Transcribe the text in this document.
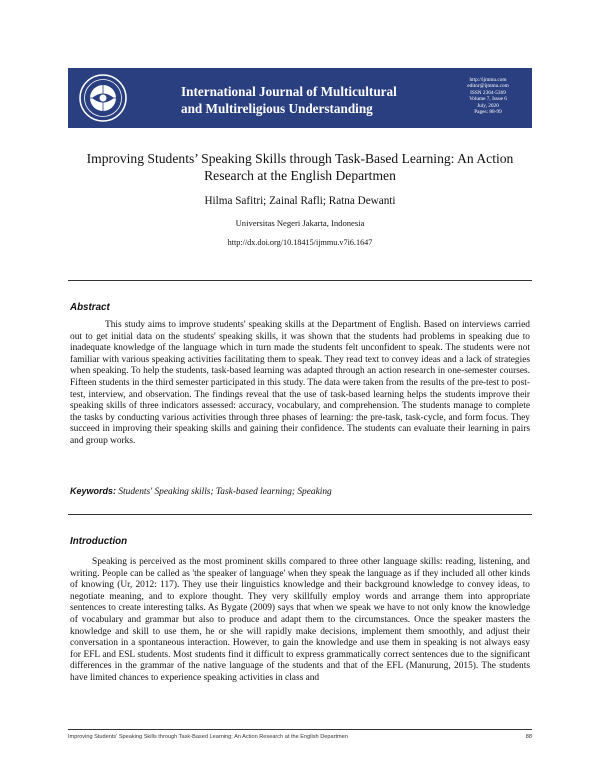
International Journal of Multicultural
and Multireligious Understanding
http://ijmmu.com
editor@ijmmu.com
ISSN 2364-5369
Volume 7, Issue 6
July, 2020
Pages: 88-99
Improving Students’ Speaking Skills through Task-Based Learning: An Action
Research at the English Departmen
Hilma Safitri; Zainal Rafli; Ratna Dewanti
Universitas Negeri Jakarta, Indonesia
http://dx.doi.org/10.18415/ijmmu.v7i6.1647
Abstract

This study aims to improve students' speaking skills at the Department of English. Based on interviews carried out to get initial data on the students' speaking skills, it was shown that the students had problems in speaking due to inadequate knowledge of the language which in turn made the students felt unconfident to speak. The students were not familiar with various speaking activities facilitating them to speak. They read text to convey ideas and a lack of strategies when speaking. To help the students, task-based learning was adapted through an action research in one-semester courses. Fifteen students in the third semester participated in this study. The data were taken from the results of the pre-test to post-test, interview, and observation. The findings reveal that the use of task-based learning helps the students improve their speaking skills of three indicators assessed: accuracy, vocabulary, and comprehension. The students manage to complete the tasks by conducting various activities through three phases of learning: the pre-task, task-cycle, and form focus. They succeed in improving their speaking skills and gaining their confidence. The students can evaluate their learning in pairs and group works.

Keywords: Students' Speaking skills; Task-based learning; Speaking
Introduction

Speaking is perceived as the most prominent skills compared to three other language skills: reading, listening, and writing. People can be called as 'the speaker of language' when they speak the language as if they included all other kinds of knowing (Ur, 2012: 117). They use their linguistics knowledge and their background knowledge to convey ideas, to negotiate meaning, and to explore thought. They very skillfully employ words and arrange them into appropriate sentences to create interesting talks. As Bygate (2009) says that when we speak we have to not only know the knowledge of vocabulary and grammar but also to produce and adapt them to the circumstances. Once the speaker masters the knowledge and skill to use them, he or she will rapidly make decisions, implement them smoothly, and adjust their conversation in a spontaneous interaction. However, to gain the knowledge and use them in speaking is not always easy for EFL and ESL students. Most students find it difficult to express grammatically correct sentences due to the significant differences in the grammar of the native language of the students and that of the EFL (Manurung, 2015). The students have limited chances to experience speaking activities in class and

Improving Students' Speaking Skills through Task-Based Learning: An Action Research at the English Departmen	88
